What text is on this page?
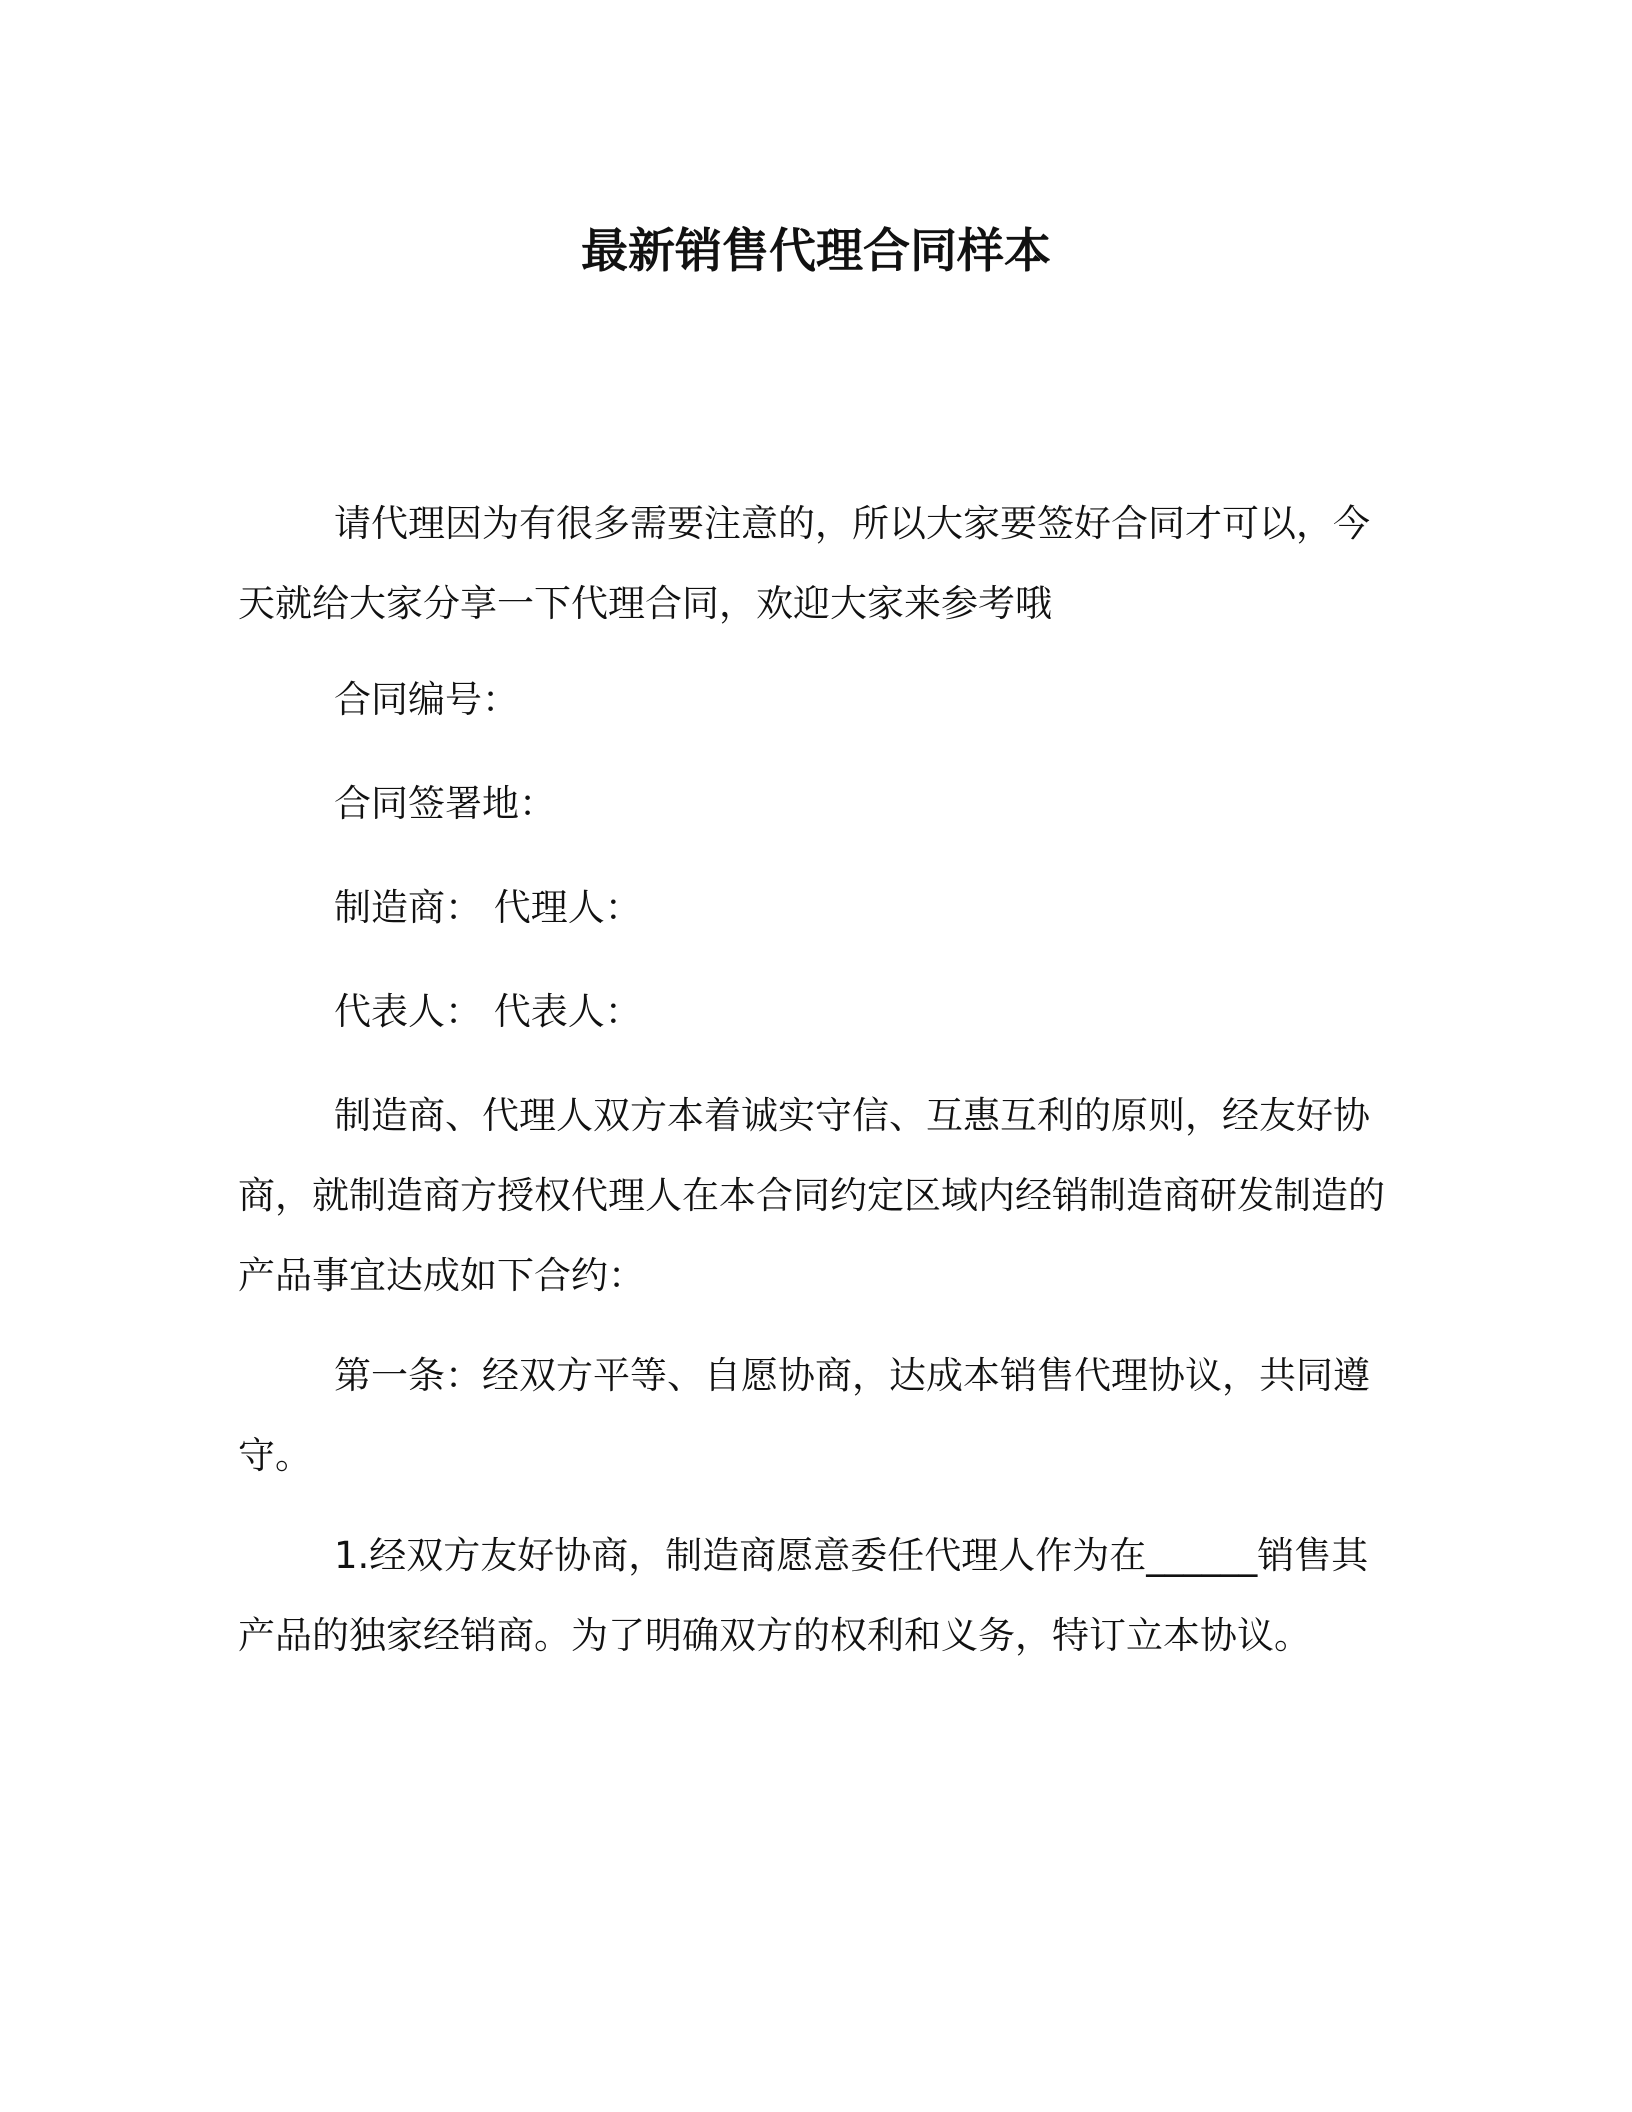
最新销售代理合同样本

请代理因为有很多需要注意的，所以大家要签好合同才可以，今天就给大家分享一下代理合同，欢迎大家来参考哦

合同编号：

合同签署地：

制造商： 代理人：

代表人： 代表人：

制造商、代理人双方本着诚实守信、互惠互利的原则，经友好协商，就制造商方授权代理人在本合同约定区域内经销制造商研发制造的产品事宜达成如下合约：

第一条：经双方平等、自愿协商，达成本销售代理协议，共同遵守。

1.经双方友好协商，制造商愿意委任代理人作为在______销售其产品的独家经销商。为了明确双方的权利和义务，特订立本协议。
